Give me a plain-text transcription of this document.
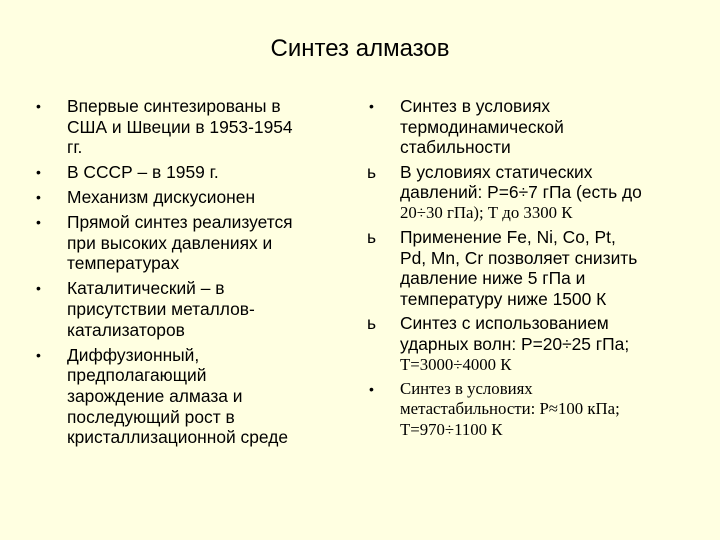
Синтез алмазов
• Впервые синтезированы в
США и Швеции в 1953-1954
гг.
• В СССР – в 1959 г.
• Механизм дискусионен
• Прямой синтез реализуется
при высоких давлениях и
температурах
• Каталитический – в
присутствии металлов-
катализаторов
• Диффузионный,
предполагающий
зарождение алмаза и
последующий рост в
кристаллизационной среде
• Синтез в условиях
термодинамической
стабильности
ь В условиях статических
давлений: P=6÷7 гПа (есть до
20÷30 гПа); Т до 3300 К
ь Применение Fe, Ni, Co, Pt,
Pd, Mn, Cr позволяет снизить
давление ниже 5 гПа и
температуру ниже 1500 К
ь Синтез с использованием
ударных волн: P=20÷25 гПа;
T=3000÷4000 К
• Синтез в условиях
метастабильности: P≈100 кПа;
T=970÷1100 К
